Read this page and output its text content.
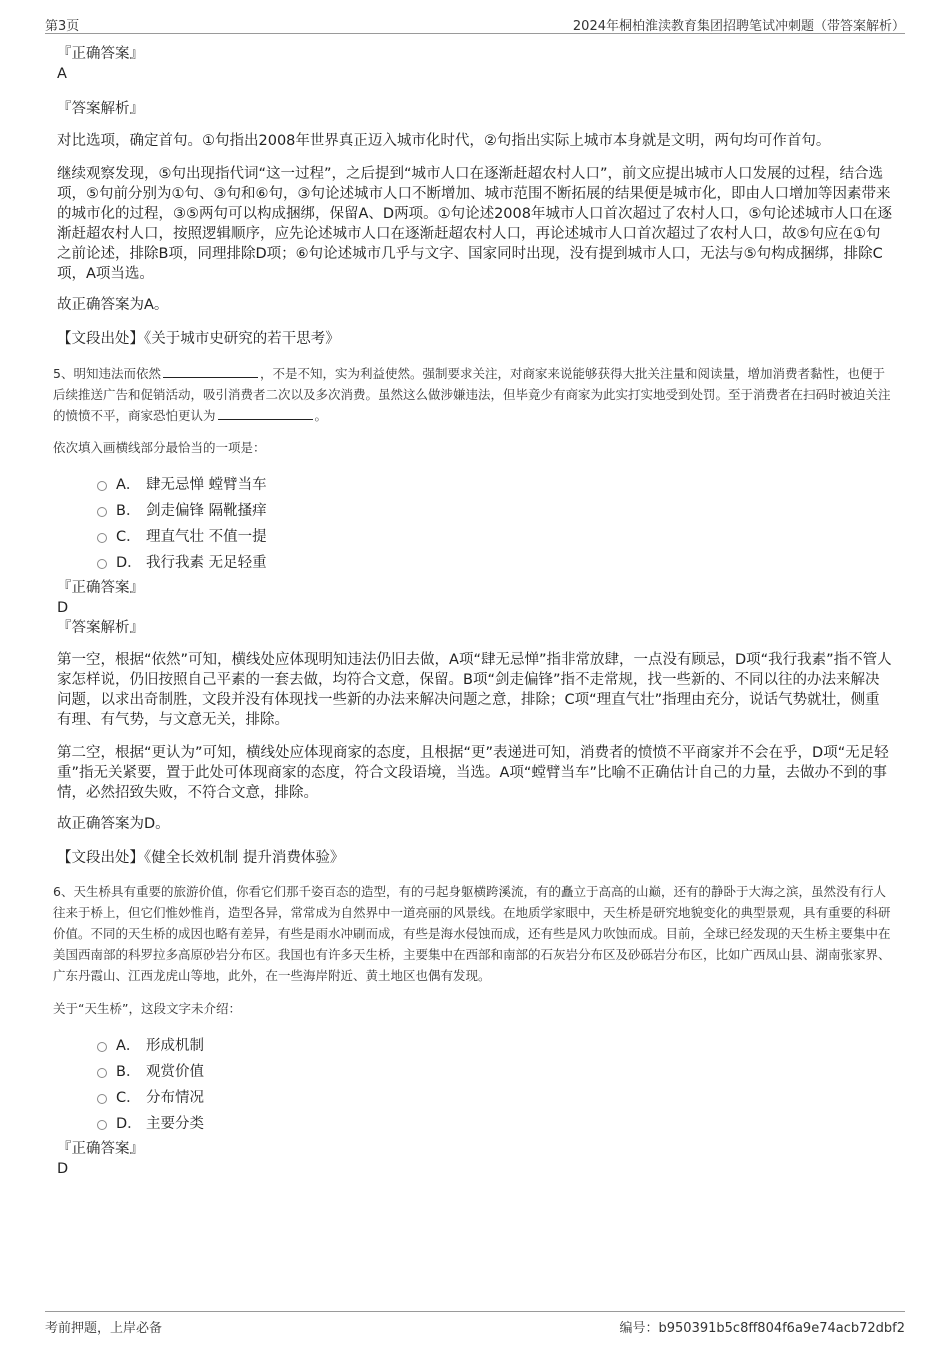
第3页	2024年桐柏淮渎教育集团招聘笔试冲刺题（带答案解析）
『正确答案』
A
『答案解析』
对比选项，确定首句。①句指出2008年世界真正迈入城市化时代，②句指出实际上城市本身就是文明，两句均可作首句。
继续观察发现，⑤句出现指代词“这一过程”，之后提到“城市人口在逐渐赶超农村人口”，前文应提出城市人口发展的过程，结合选项，⑤句前分别为①句、③句和⑥句，③句论述城市人口不断增加、城市范围不断拓展的结果便是城市化，即由人口增加等因素带来的城市化的过程，③⑤两句可以构成捆绑，保留A、D两项。①句论述2008年城市人口首次超过了农村人口，⑤句论述城市人口在逐渐赶超农村人口，按照逻辑顺序，应先论述城市人口在逐渐赶超农村人口，再论述城市人口首次超过了农村人口，故⑤句应在①句之前论述，排除B项，同理排除D项；⑥句论述城市几乎与文字、国家同时出现，没有提到城市人口，无法与⑤句构成捆绑，排除C项，A项当选。
故正确答案为A。
【文段出处】《关于城市史研究的若干思考》
5、明知违法而依然	，不是不知，实为利益使然。强制要求关注，对商家来说能够获得大批关注量和阅读量，增加消费者黏性，也便于后续推送广告和促销活动，吸引消费者二次以及多次消费。虽然这么做涉嫌违法，但毕竟少有商家为此实打实地受到处罚。至于消费者在扫码时被迫关注的愤愤不平，商家恐怕更认为	。
依次填入画横线部分最恰当的一项是：
A． 肆无忌惮 螳臂当车
B． 剑走偏锋 隔靴搔痒
C． 理直气壮 不值一提
D． 我行我素 无足轻重
『正确答案』
D
『答案解析』
第一空，根据“依然”可知，横线处应体现明知违法仍旧去做，A项“肆无忌惮”指非常放肆，一点没有顾忌，D项“我行我素”指不管人家怎样说，仍旧按照自己平素的一套去做，均符合文意，保留。B项“剑走偏锋”指不走常规，找一些新的、不同以往的办法来解决问题，以求出奇制胜，文段并没有体现找一些新的办法来解决问题之意，排除；C项“理直气壮”指理由充分，说话气势就壮，侧重有理、有气势，与文意无关，排除。
第二空，根据“更认为”可知，横线处应体现商家的态度，且根据“更”表递进可知，消费者的愤愤不平商家并不会在乎，D项“无足轻重”指无关紧要，置于此处可体现商家的态度，符合文段语境，当选。A项“螳臂当车”比喻不正确估计自己的力量，去做办不到的事情，必然招致失败，不符合文意，排除。
故正确答案为D。
【文段出处】《健全长效机制 提升消费体验》
6、天生桥具有重要的旅游价值，你看它们那千姿百态的造型，有的弓起身躯横跨溪流，有的矗立于高高的山巅，还有的静卧于大海之滨，虽然没有行人往来于桥上，但它们惟妙惟肖，造型各异，常常成为自然界中一道亮丽的风景线。在地质学家眼中，天生桥是研究地貌变化的典型景观，具有重要的科研价值。不同的天生桥的成因也略有差异，有些是雨水冲刷而成，有些是海水侵蚀而成，还有些是风力吹蚀而成。目前，全球已经发现的天生桥主要集中在美国西南部的科罗拉多高原砂岩分布区。我国也有许多天生桥，主要集中在西部和南部的石灰岩分布区及砂砾岩分布区，比如广西凤山县、湖南张家界、广东丹霞山、江西龙虎山等地，此外，在一些海岸附近、黄土地区也偶有发现。
关于“天生桥”，这段文字未介绍：
A． 形成机制
B． 观赏价值
C． 分布情况
D． 主要分类
『正确答案』
D
考前押题，上岸必备	编号：b950391b5c8ff804f6a9e74acb72dbf2
